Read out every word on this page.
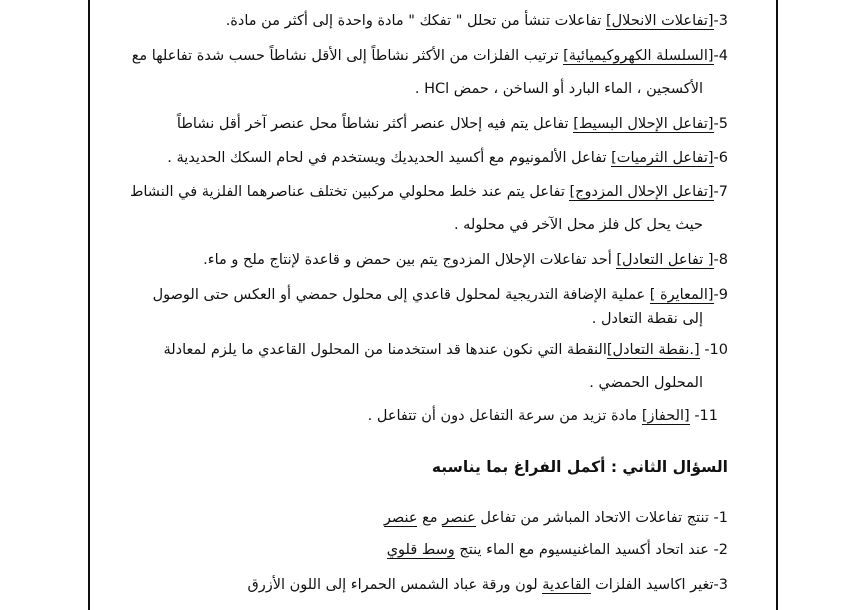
3-[تفاعلات الانحلال] تفاعلات تنشأ من تحلل " تفكك " مادة واحدة إلى أكثر من مادة.
4-[السلسلة الكهروكيميائية] ترتيب الفلزات من الأكثر نشاطاً إلى الأقل نشاطاً حسب شدة تفاعلها مع
الأكسجين ، الماء البارد أو الساخن ، حمض HCl .
5-[تفاعل الإحلال البسيط] تفاعل يتم فيه إحلال عنصر أكثر نشاطاً محل عنصر آخر أقل نشاطاً
6-[تفاعل الثرميات] تفاعل الألمونيوم مع أكسيد الحديديك ويستخدم في لحام السكك الحديدية .
7-[تفاعل الإحلال المزدوج] تفاعل يتم عند خلط محلولي مركبين تختلف عناصرهما الفلزية في النشاط
حيث يحل كل فلز محل الآخر في محلوله .
8-[ تفاعل التعادل] أحد تفاعلات الإحلال المزدوج يتم بين حمض و قاعدة لإنتاج ملح و ماء.
9-[المعايرة ] عملية الإضافة التدريجية لمحلول قاعدي إلى محلول حمضي أو العكس حتى الوصول
إلى نقطة التعادل .
10- [.نقطة التعادل]النقطة التي نكون عندها قد استخدمنا من المحلول القاعدي ما يلزم لمعادلة
المحلول الحمضي .
11- [الحفاز] مادة تزيد من سرعة التفاعل دون أن تتفاعل .
السؤال الثاني : أكمل الفراغ بما يناسبه
1- تنتج تفاعلات الاتحاد المباشر من تفاعل عنصر مع عنصر
2- عند اتحاد أكسيد الماغنيسيوم مع الماء ينتج وسط قلوي
3-تغير اكاسيد الفلزات القاعدية لون ورقة عباد الشمس الحمراء إلى اللون الأزرق
